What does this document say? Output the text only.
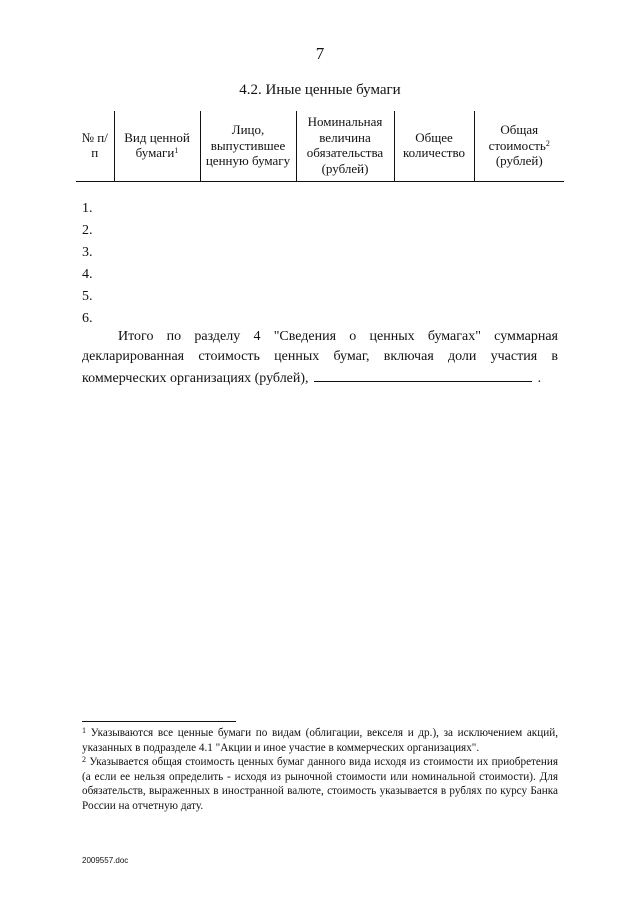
7
4.2. Иные ценные бумаги
№ п/п	Вид ценной бумаги$^1$	Лицо, выпустившее ценную бумагу	Номинальная величина обязательства (рублей)	Общее количество	Общая стоимость$^2$ (рублей)
1.
2.
3.
4.
5.
6.
Итого по разделу 4 "Сведения о ценных бумагах" суммарная декларированная стоимость ценных бумаг, включая доли участия в коммерческих организациях (рублей),	.

$^1$ Указываются все ценные бумаги по видам (облигации, векселя и др.), за исключением акций, указанных в подразделе 4.1 "Акции и иное участие в коммерческих организациях".

$^2$ Указывается общая стоимость ценных бумаг данного вида исходя из стоимости их приобретения (а если ее нельзя определить - исходя из рыночной стоимости или номинальной стоимости). Для обязательств, выраженных в иностранной валюте, стоимость указывается в рублях по курсу Банка России на отчетную дату.

2009557.doc
